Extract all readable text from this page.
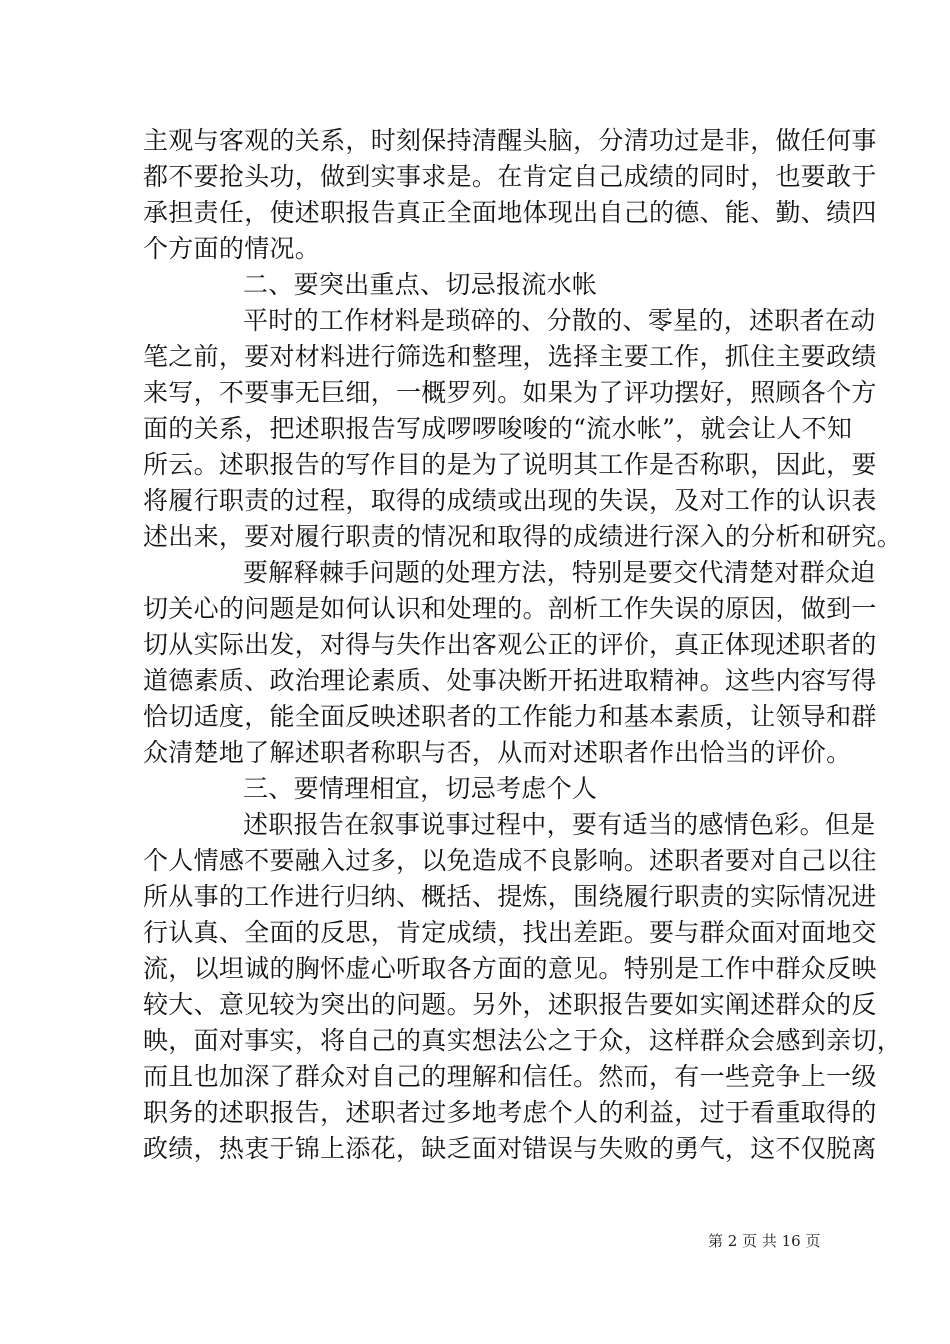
主观与客观的关系，时刻保持清醒头脑，分清功过是非，做任何事
都不要抢头功，做到实事求是。在肯定自己成绩的同时，也要敢于
承担责任，使述职报告真正全面地体现出自己的德、能、勤、绩四
个方面的情况。
二、要突出重点、切忌报流水帐
平时的工作材料是琐碎的、分散的、零星的，述职者在动
笔之前，要对材料进行筛选和整理，选择主要工作，抓住主要政绩
来写，不要事无巨细，一概罗列。如果为了评功摆好，照顾各个方
面的关系，把述职报告写成啰啰唆唆的“流水帐”，就会让人不知
所云。述职报告的写作目的是为了说明其工作是否称职，因此，要
将履行职责的过程，取得的成绩或出现的失误，及对工作的认识表
述出来，要对履行职责的情况和取得的成绩进行深入的分析和研究。
要解释棘手问题的处理方法，特别是要交代清楚对群众迫
切关心的问题是如何认识和处理的。剖析工作失误的原因，做到一
切从实际出发，对得与失作出客观公正的评价，真正体现述职者的
道德素质、政治理论素质、处事决断开拓进取精神。这些内容写得
恰切适度，能全面反映述职者的工作能力和基本素质，让领导和群
众清楚地了解述职者称职与否，从而对述职者作出恰当的评价。
三、要情理相宜，切忌考虑个人
述职报告在叙事说事过程中，要有适当的感情色彩。但是
个人情感不要融入过多，以免造成不良影响。述职者要对自己以往
所从事的工作进行归纳、概括、提炼，围绕履行职责的实际情况进
行认真、全面的反思，肯定成绩，找出差距。要与群众面对面地交
流，以坦诚的胸怀虚心听取各方面的意见。特别是工作中群众反映
较大、意见较为突出的问题。另外，述职报告要如实阐述群众的反
映，面对事实，将自己的真实想法公之于众，这样群众会感到亲切，
而且也加深了群众对自己的理解和信任。然而，有一些竞争上一级
职务的述职报告，述职者过多地考虑个人的利益，过于看重取得的
政绩，热衷于锦上添花，缺乏面对错误与失败的勇气，这不仅脱离
第 2 页 共 16 页
